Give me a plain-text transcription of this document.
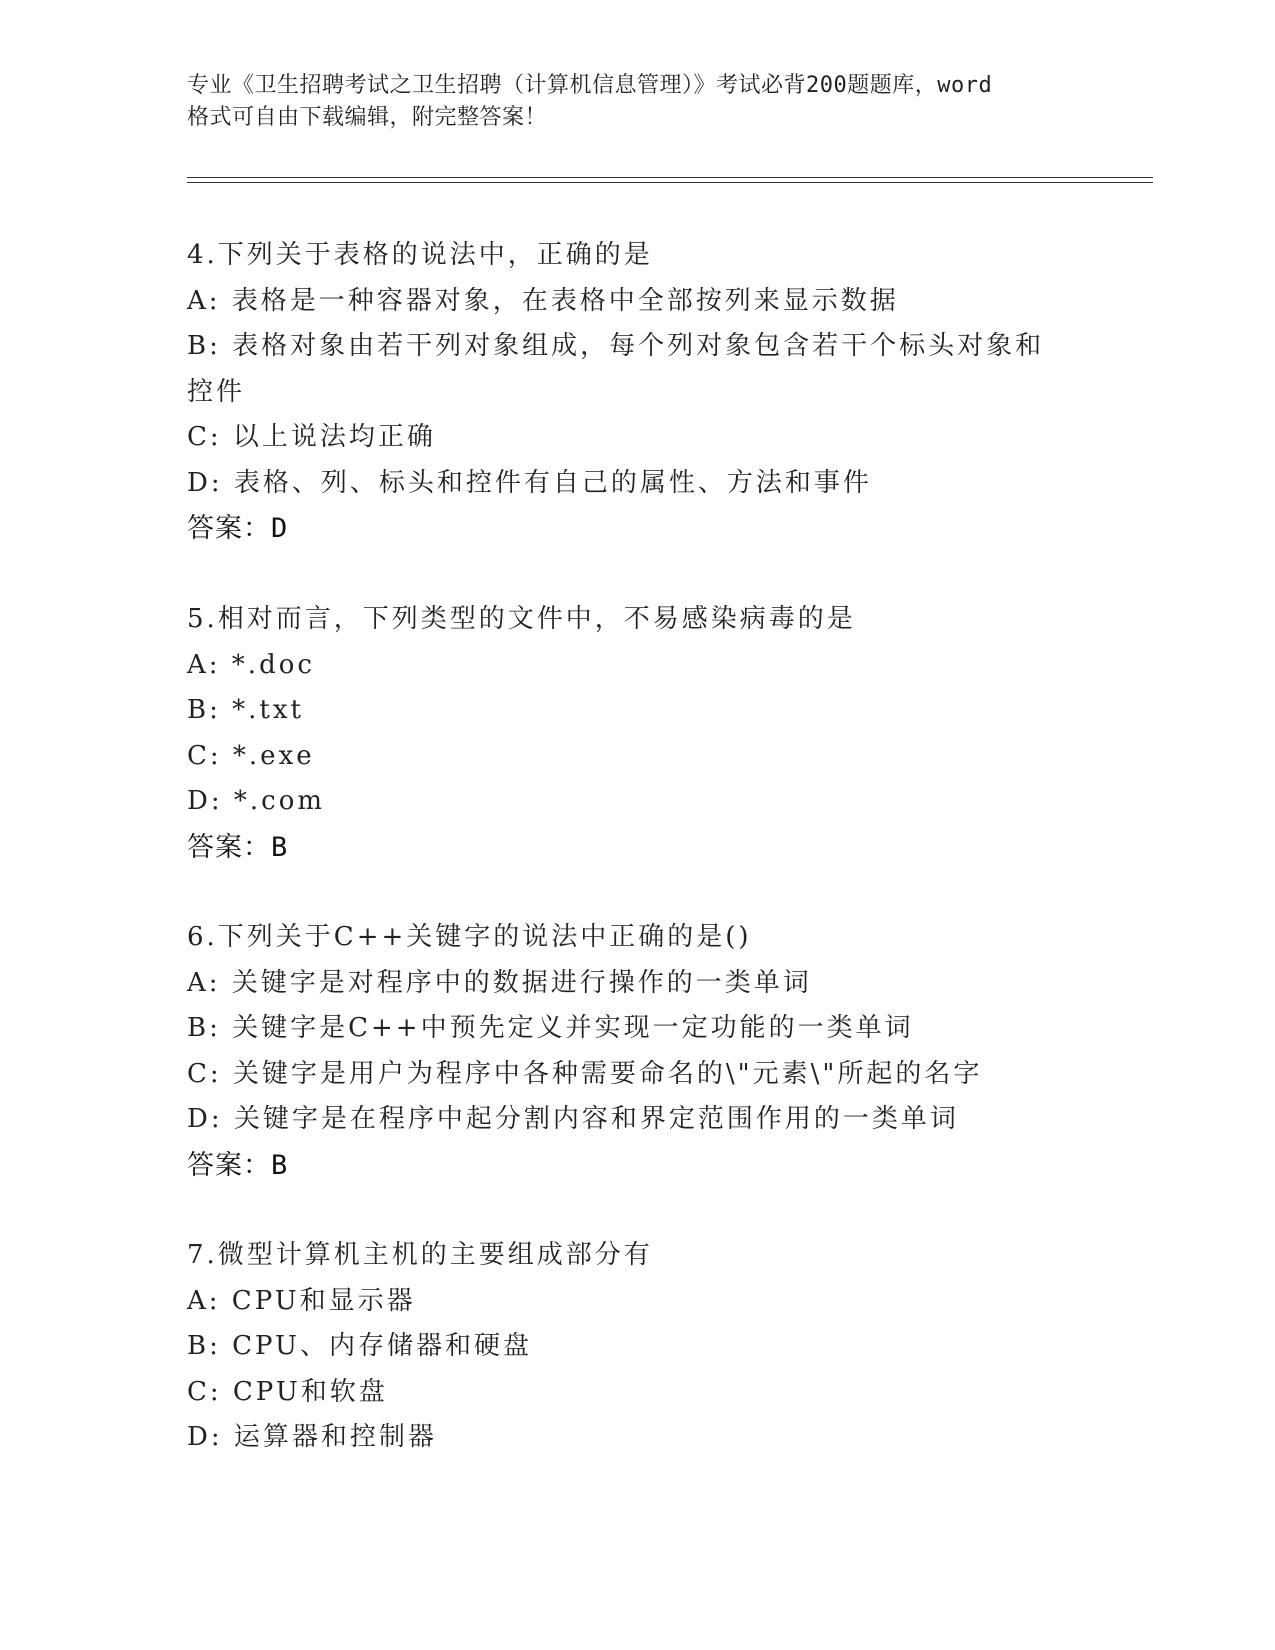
专业《卫生招聘考试之卫生招聘（计算机信息管理）》考试必背200题题库，word
格式可自由下载编辑，附完整答案！
4.下列关于表格的说法中，正确的是
A: 表格是一种容器对象，在表格中全部按列来显示数据
B: 表格对象由若干列对象组成，每个列对象包含若干个标头对象和控件
C: 以上说法均正确
D: 表格、列、标头和控件有自己的属性、方法和事件
答案：D
5.相对而言，下列类型的文件中，不易感染病毒的是
A: *.doc
B: *.txt
C: *.exe
D: *.com
答案：B
6.下列关于C++关键字的说法中正确的是()
A: 关键字是对程序中的数据进行操作的一类单词
B: 关键字是C++中预先定义并实现一定功能的一类单词
C: 关键字是用户为程序中各种需要命名的\"元素\"所起的名字
D: 关键字是在程序中起分割内容和界定范围作用的一类单词
答案：B
7.微型计算机主机的主要组成部分有
A: CPU和显示器
B: CPU、内存储器和硬盘
C: CPU和软盘
D: 运算器和控制器
